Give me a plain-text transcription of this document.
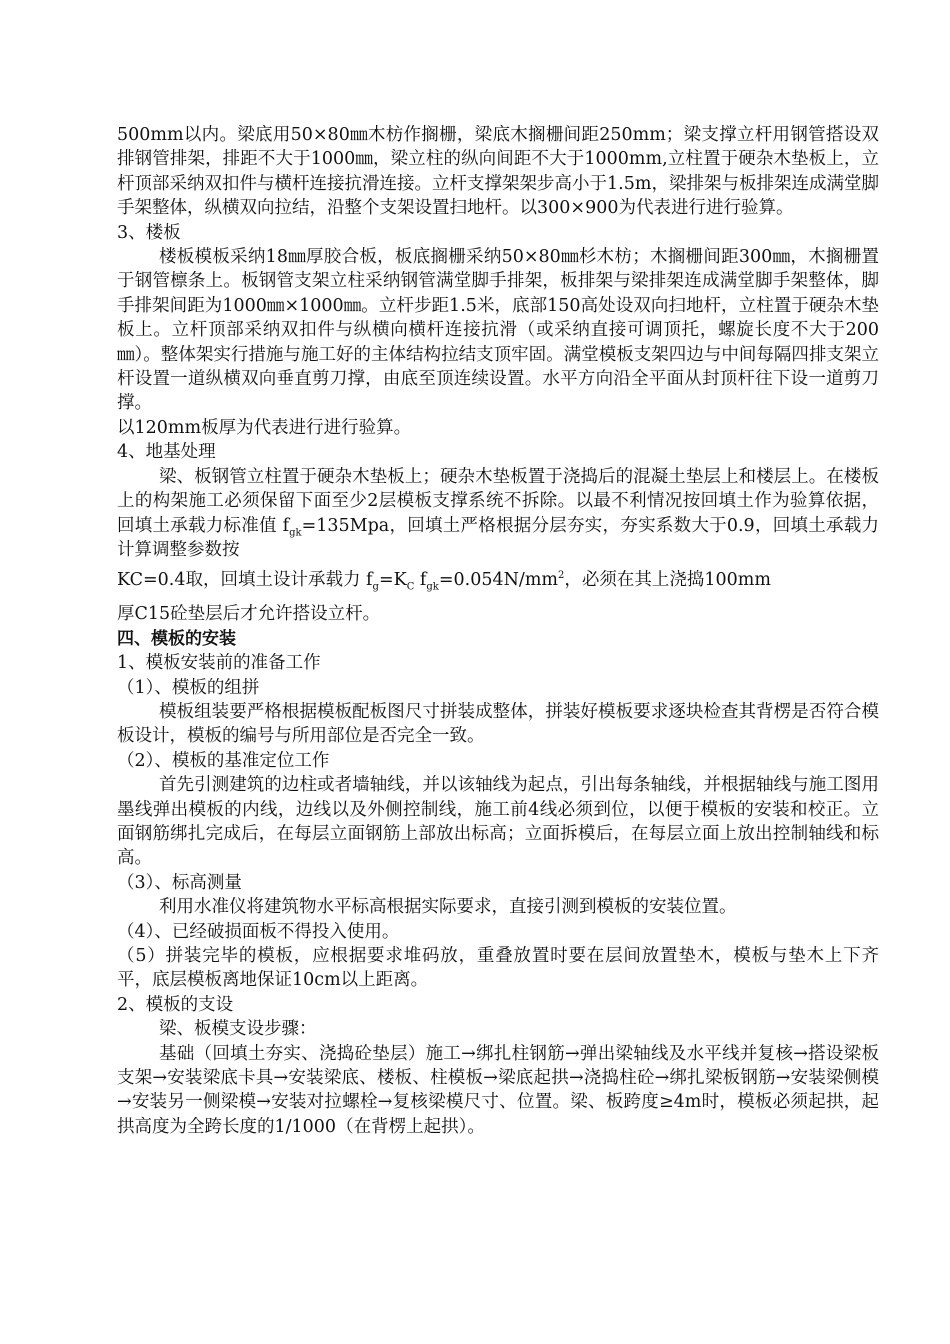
500mm以内。梁底用50×80㎜木枋作搁栅，梁底木搁栅间距250mm；梁支撑立杆用钢管搭设双排钢管排架，排距不大于1000㎜，梁立柱的纵向间距不大于1000mm,立柱置于硬杂木垫板上，立杆顶部采纳双扣件与横杆连接抗滑连接。立杆支撑架架步高小于1.5m，梁排架与板排架连成满堂脚手架整体，纵横双向拉结，沿整个支架设置扫地杆。以300×900为代表进行进行验算。

3、楼板

楼板模板采纳18㎜厚胶合板，板底搁栅采纳50×80㎜杉木枋；木搁栅间距300㎜，木搁栅置于钢管檩条上。板钢管支架立柱采纳钢管满堂脚手排架，板排架与梁排架连成满堂脚手架整体，脚手排架间距为1000㎜×1000㎜。立杆步距1.5米，底部150高处设双向扫地杆，立柱置于硬杂木垫板上。立杆顶部采纳双扣件与纵横向横杆连接抗滑（或采纳直接可调顶托，螺旋长度不大于200㎜）。整体架实行措施与施工好的主体结构拉结支顶牢固。满堂模板支架四边与中间每隔四排支架立杆设置一道纵横双向垂直剪刀撑，由底至顶连续设置。水平方向沿全平面从封顶杆往下设一道剪刀撑。

以120mm板厚为代表进行进行验算。

4、地基处理

梁、板钢管立柱置于硬杂木垫板上；硬杂木垫板置于浇捣后的混凝土垫层上和楼层上。在楼板上的构架施工必须保留下面至少2层模板支撑系统不拆除。以最不利情况按回填土作为验算依据，回填土承载力标准值 $f_{gk}=135Mpa$，回填土严格根据分层夯实，夯实系数大于0.9，回填土承载力计算调整参数按

KC=0.4取，回填土设计承载力 $f_g=K_C$ $f_{gk}=0.054N/mm^2$，必须在其上浇捣100mm

厚C15砼垫层后才允许搭设立杆。

四、模板的安装

1、模板安装前的准备工作

（1）、模板的组拼

模板组装要严格根据模板配板图尺寸拼装成整体，拼装好模板要求逐块检查其背楞是否符合模板设计，模板的编号与所用部位是否完全一致。

（2）、模板的基准定位工作

首先引测建筑的边柱或者墙轴线，并以该轴线为起点，引出每条轴线，并根据轴线与施工图用墨线弹出模板的内线，边线以及外侧控制线，施工前4线必须到位，以便于模板的安装和校正。立面钢筋绑扎完成后，在每层立面钢筋上部放出标高；立面拆模后，在每层立面上放出控制轴线和标高。

（3）、标高测量

利用水准仪将建筑物水平标高根据实际要求，直接引测到模板的安装位置。

（4）、已经破损面板不得投入使用。

（5）拼装完毕的模板，应根据要求堆码放，重叠放置时要在层间放置垫木，模板与垫木上下齐平，底层模板离地保证10cm以上距离。

2、模板的支设

梁、板模支设步骤：

基础（回填土夯实、浇捣砼垫层）施工→绑扎柱钢筋→弹出梁轴线及水平线并复核→搭设梁板支架→安装梁底卡具→安装梁底、楼板、柱模板→梁底起拱→浇捣柱砼→绑扎梁板钢筋→安装梁侧模→安装另一侧梁模→安装对拉螺栓→复核梁模尺寸、位置。梁、板跨度≥4m时，模板必须起拱，起拱高度为全跨长度的1/1000（在背楞上起拱）。
